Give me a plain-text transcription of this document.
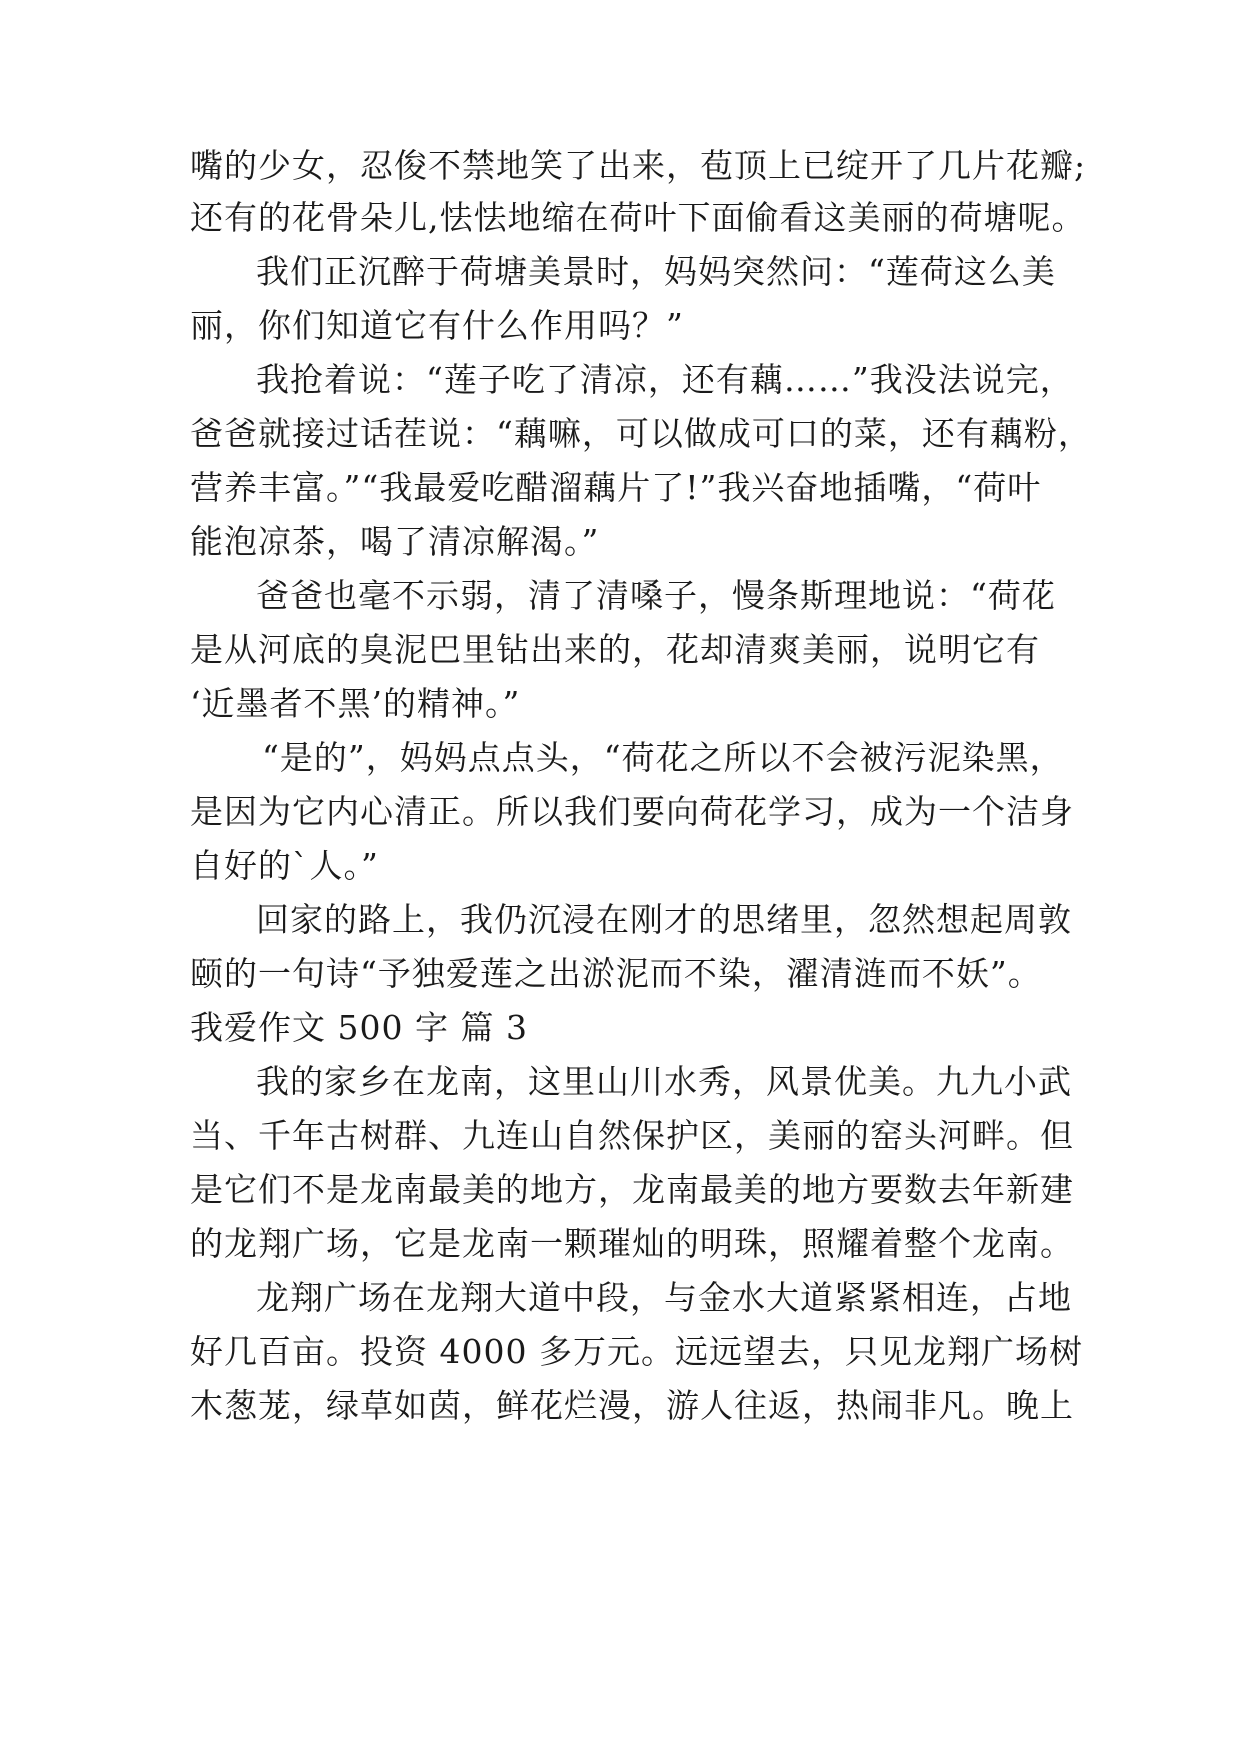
嘴的少女，忍俊不禁地笑了出来，苞顶上已绽开了几片花瓣;
还有的花骨朵儿,怯怯地缩在荷叶下面偷看这美丽的荷塘呢。
我们正沉醉于荷塘美景时，妈妈突然问：“莲荷这么美
丽，你们知道它有什么作用吗？”
我抢着说：“莲子吃了清凉，还有藕……”我没法说完，
爸爸就接过话茬说：“藕嘛，可以做成可口的菜，还有藕粉，
营养丰富。”“我最爱吃醋溜藕片了!”我兴奋地插嘴，“荷叶
能泡凉茶，喝了清凉解渴。”
爸爸也毫不示弱，清了清嗓子，慢条斯理地说：“荷花
是从河底的臭泥巴里钻出来的，花却清爽美丽，说明它有
‘近墨者不黑’的精神。”
“是的”，妈妈点点头，“荷花之所以不会被污泥染黑，
是因为它内心清正。所以我们要向荷花学习，成为一个洁身
自好的`人。”
回家的路上，我仍沉浸在刚才的思绪里，忽然想起周敦
颐的一句诗“予独爱莲之出淤泥而不染，濯清涟而不妖”。
我爱作文 500 字 篇 3
我的家乡在龙南，这里山川水秀，风景优美。九九小武
当、千年古树群、九连山自然保护区，美丽的窑头河畔。但
是它们不是龙南最美的地方，龙南最美的地方要数去年新建
的龙翔广场，它是龙南一颗璀灿的明珠，照耀着整个龙南。
龙翔广场在龙翔大道中段，与金水大道紧紧相连，占地
好几百亩。投资 4000 多万元。远远望去，只见龙翔广场树
木葱茏，绿草如茵，鲜花烂漫，游人往返，热闹非凡。晚上
